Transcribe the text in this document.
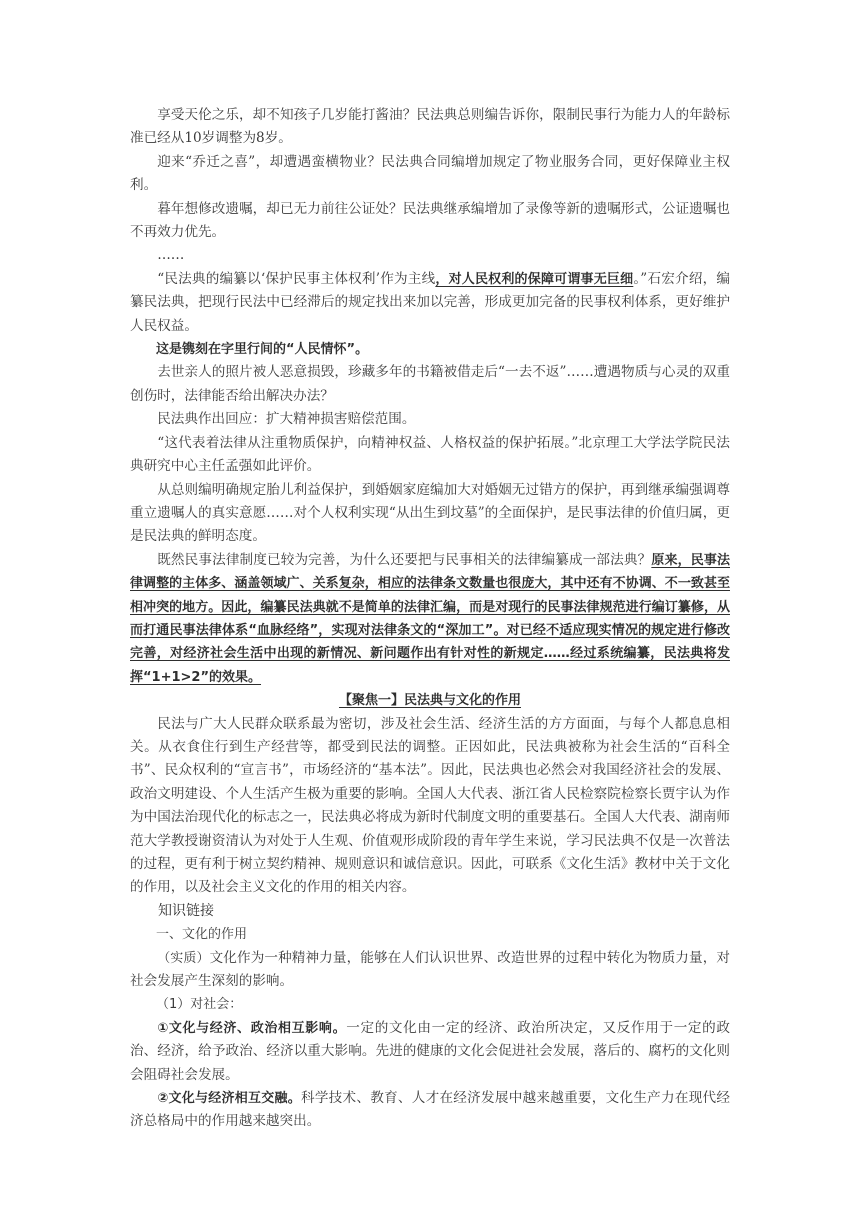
享受天伦之乐，却不知孩子几岁能打酱油？民法典总则编告诉你，限制民事行为能力人的年龄标准已经从10岁调整为8岁。

迎来“乔迁之喜”，却遭遇蛮横物业？民法典合同编增加规定了物业服务合同，更好保障业主权利。

暮年想修改遗嘱，却已无力前往公证处？民法典继承编增加了录像等新的遗嘱形式，公证遗嘱也不再效力优先。

……

“民法典的编纂以‘保护民事主体权利’作为主线，对人民权利的保障可谓事无巨细。”石宏介绍，编纂民法典，把现行民法中已经滞后的规定找出来加以完善，形成更加完备的民事权利体系，更好维护人民权益。

这是镌刻在字里行间的“人民情怀”。

去世亲人的照片被人恶意损毁，珍藏多年的书籍被借走后“一去不返”……遭遇物质与心灵的双重创伤时，法律能否给出解决办法？

民法典作出回应：扩大精神损害赔偿范围。

“这代表着法律从注重物质保护，向精神权益、人格权益的保护拓展。”北京理工大学法学院民法典研究中心主任孟强如此评价。

从总则编明确规定胎儿利益保护，到婚姻家庭编加大对婚姻无过错方的保护，再到继承编强调尊重立遗嘱人的真实意愿……对个人权利实现“从出生到坟墓”的全面保护，是民事法律的价值归属，更是民法典的鲜明态度。

既然民事法律制度已较为完善，为什么还要把与民事相关的法律编纂成一部法典？原来，民事法律调整的主体多、涵盖领域广、关系复杂，相应的法律条文数量也很庞大，其中还有不协调、不一致甚至相冲突的地方。因此，编纂民法典就不是简单的法律汇编，而是对现行的民事法律规范进行编订纂修，从而打通民事法律体系“血脉经络”，实现对法律条文的“深加工”。对已经不适应现实情况的规定进行修改完善，对经济社会生活中出现的新情况、新问题作出有针对性的新规定……经过系统编纂，民法典将发挥“1+1>2”的效果。

【聚焦一】民法典与文化的作用

民法与广大人民群众联系最为密切，涉及社会生活、经济生活的方方面面，与每个人都息息相关。从衣食住行到生产经营等，都受到民法的调整。正因如此，民法典被称为社会生活的“百科全书”、民众权利的“宣言书”，市场经济的“基本法”。因此，民法典也必然会对我国经济社会的发展、政治文明建设、个人生活产生极为重要的影响。全国人大代表、浙江省人民检察院检察长贾宇认为作为中国法治现代化的标志之一，民法典必将成为新时代制度文明的重要基石。全国人大代表、湖南师范大学教授谢资清认为对处于人生观、价值观形成阶段的青年学生来说，学习民法典不仅是一次普法的过程，更有利于树立契约精神、规则意识和诚信意识。因此，可联系《文化生活》教材中关于文化的作用，以及社会主义文化的作用的相关内容。

知识链接

一、文化的作用

（实质）文化作为一种精神力量，能够在人们认识世界、改造世界的过程中转化为物质力量，对社会发展产生深刻的影响。

（1）对社会：

①文化与经济、政治相互影响。一定的文化由一定的经济、政治所决定，又反作用于一定的政治、经济，给予政治、经济以重大影响。先进的健康的文化会促进社会发展，落后的、腐朽的文化则会阻碍社会发展。

②文化与经济相互交融。科学技术、教育、人才在经济发展中越来越重要，文化生产力在现代经济总格局中的作用越来越突出。
